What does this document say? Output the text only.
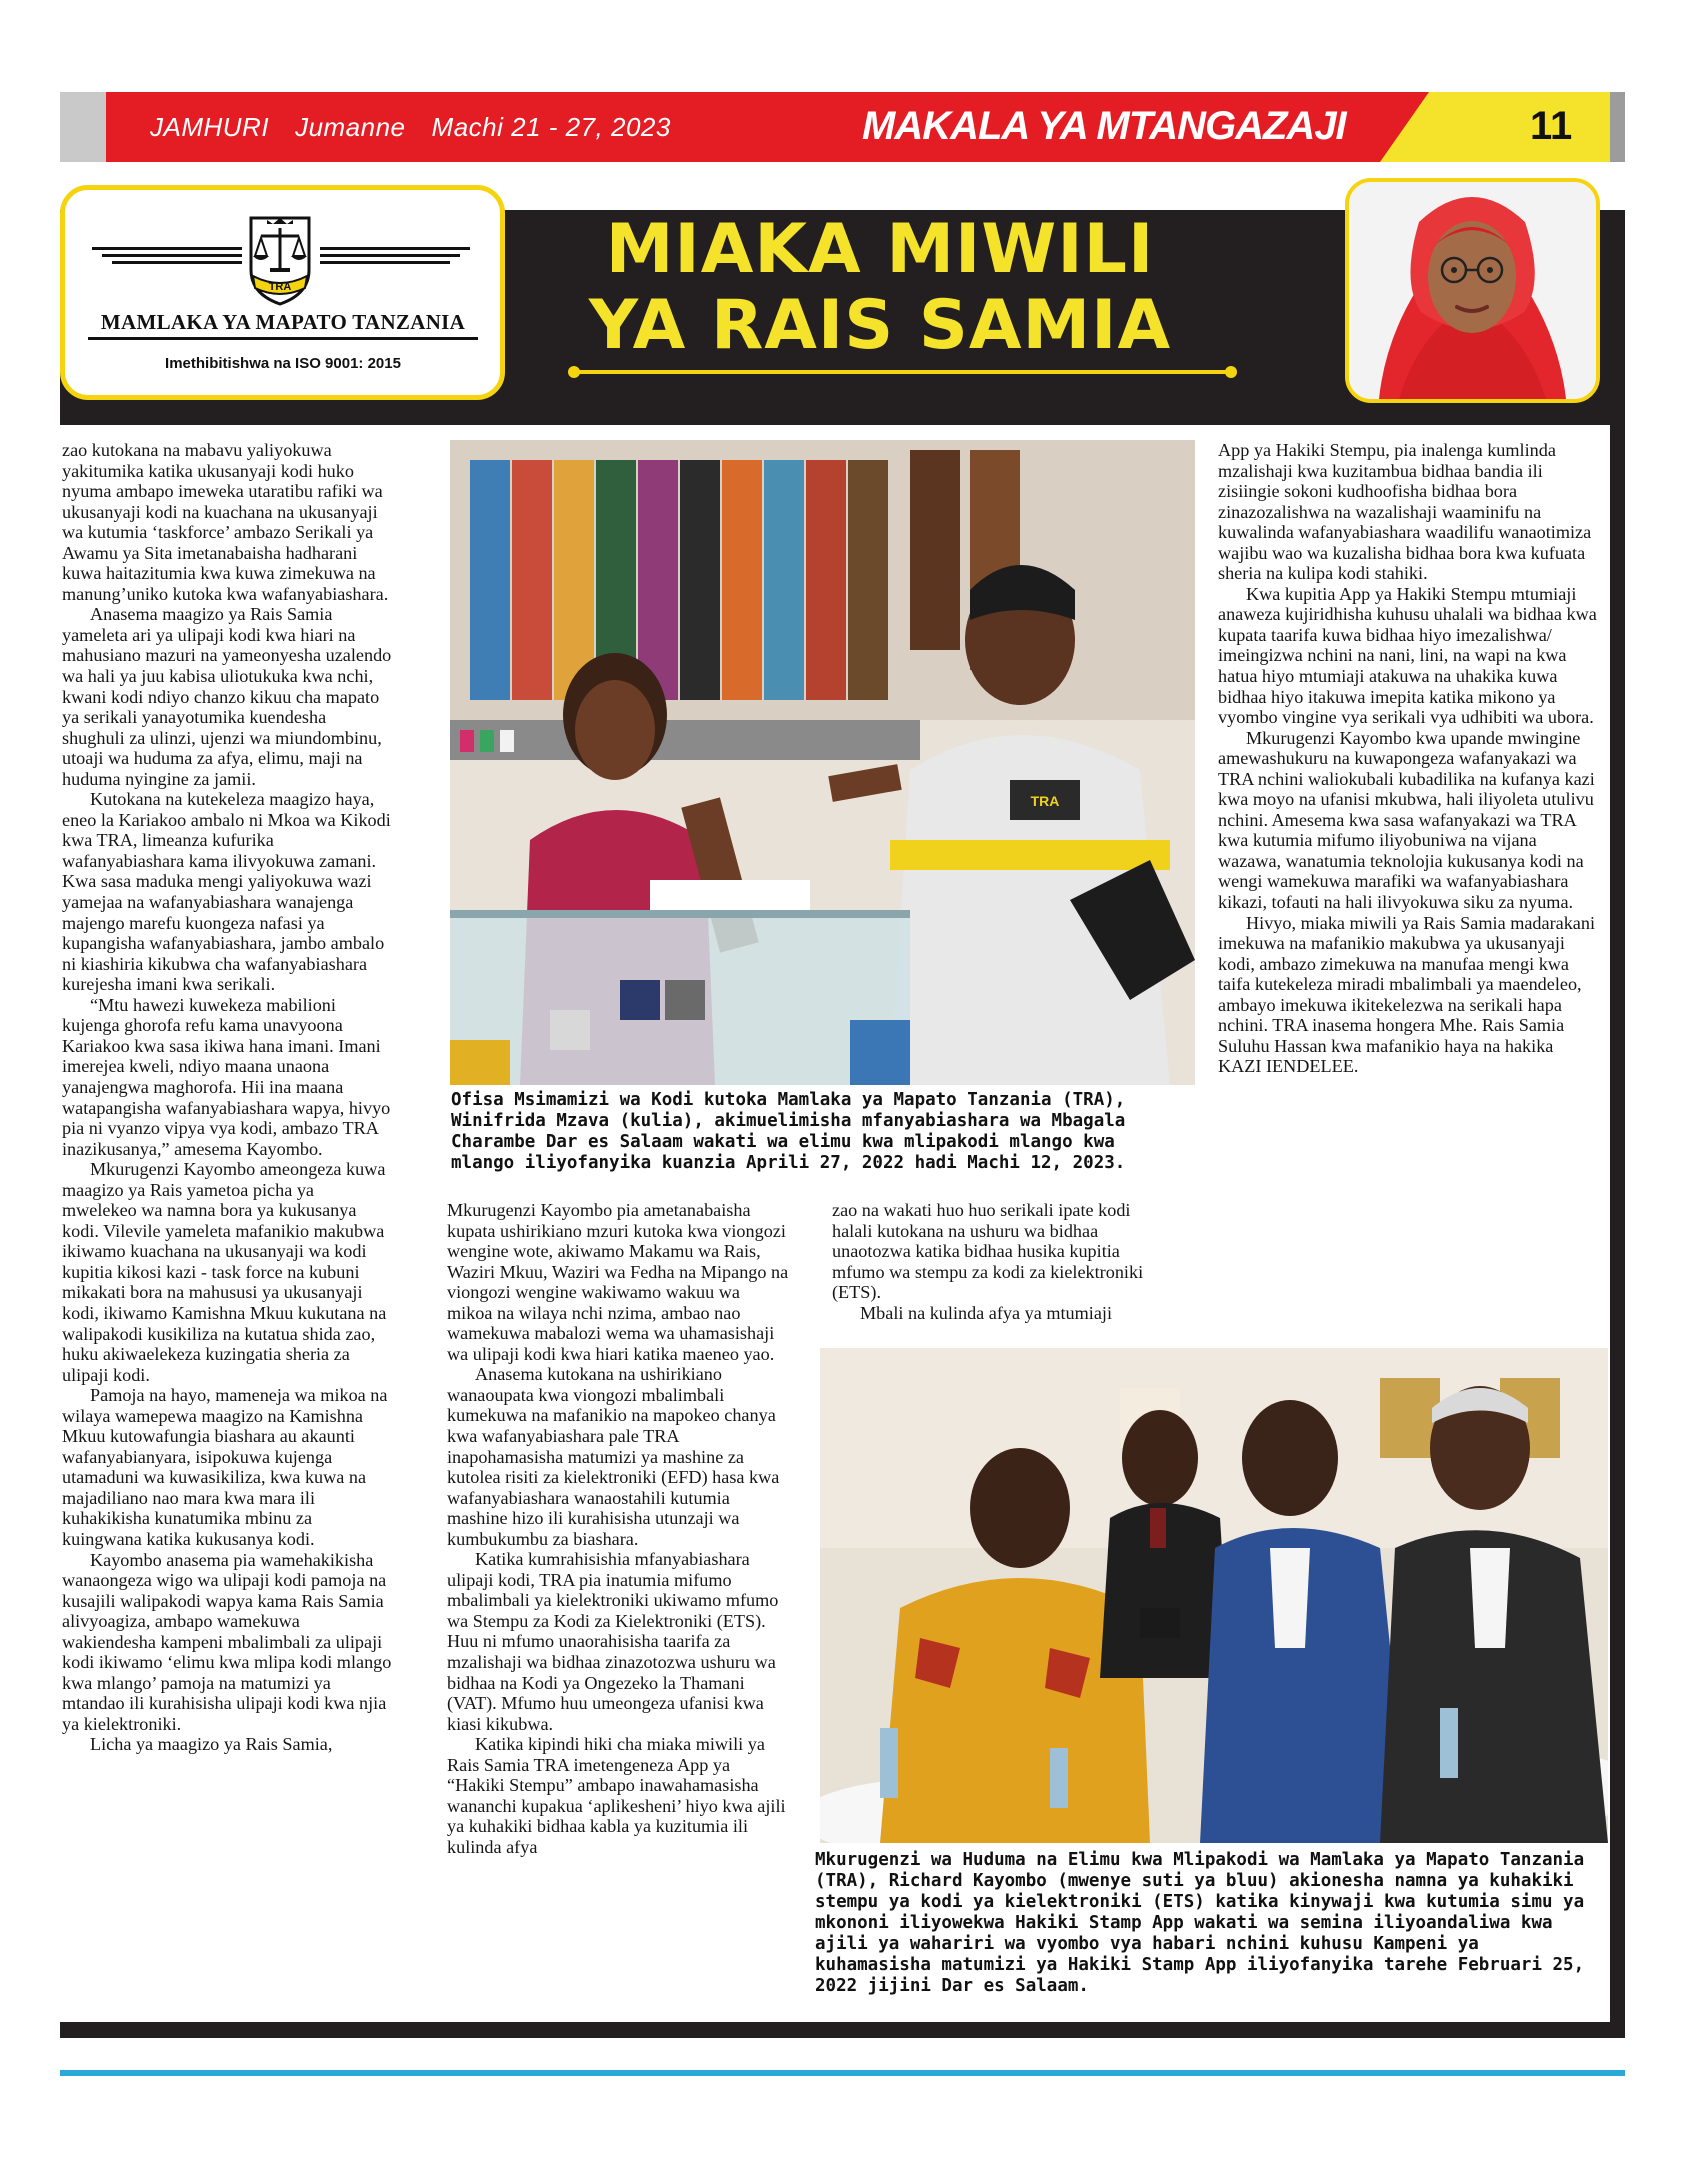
JAMHURI Jumanne Machi 21 - 27, 2023	MAKALA YA MTANGAZAJI	11
TRA
MAMLAKA YA MAPATO TANZANIA
Imethibitishwa na ISO 9001: 2015
MIAKA MIWILI
YA RAIS SAMIA
TRA
Ofisa Msimamizi wa Kodi kutoka Mamlaka ya Mapato Tanzania (TRA), Winifrida Mzava (kulia), akimuelimisha mfanyabiashara wa Mbagala Charambe Dar es Salaam wakati wa elimu kwa mlipakodi mlango kwa mlango iliyofanyika kuanzia Aprili 27, 2022 hadi Machi 12, 2023.
Mkurugenzi wa Huduma na Elimu kwa Mlipakodi wa Mamlaka ya Mapato Tanzania (TRA), Richard Kayombo (mwenye suti ya bluu) akionesha namna ya kuhakiki stempu ya kodi ya kielektroniki (ETS) katika kinywaji kwa kutumia simu ya mkononi iliyowekwa Hakiki Stamp App wakati wa semina iliyoandaliwa kwa ajili ya wahariri wa vyombo vya habari nchini kuhusu Kampeni ya kuhamasisha matumizi ya Hakiki Stamp App iliyofanyika tarehe Februari 25, 2022 jijini Dar es Salaam.

zao kutokana na mabavu yaliyokuwa yakitumika katika ukusanyaji kodi huko nyuma ambapo imeweka utaratibu rafiki wa ukusanyaji kodi na kuachana na ukusanyaji wa kutumia ‘taskforce’ ambazo Serikali ya Awamu ya Sita imetanabaisha hadharani kuwa haitazitumia kwa kuwa zimekuwa na manung’uniko kutoka kwa wafanyabiashara.

Anasema maagizo ya Rais Samia yameleta ari ya ulipaji kodi kwa hiari na mahusiano mazuri na yameonyesha uzalendo wa hali ya juu kabisa uliotukuka kwa nchi, kwani kodi ndiyo chanzo kikuu cha mapato ya serikali yanayotumika kuendesha shughuli za ulinzi, ujenzi wa miundombinu, utoaji wa huduma za afya, elimu, maji na huduma nyingine za jamii.

Kutokana na kutekeleza maagizo haya, eneo la Kariakoo ambalo ni Mkoa wa Kikodi kwa TRA, limeanza kufurika wafanyabiashara kama ilivyokuwa zamani. Kwa sasa maduka mengi yaliyokuwa wazi yamejaa na wafanyabiashara wanajenga majengo marefu kuongeza nafasi ya kupangisha wafanyabiashara, jambo ambalo ni kiashiria kikubwa cha wafanyabiashara kurejesha imani kwa serikali.

“Mtu hawezi kuwekeza mabilioni kujenga ghorofa refu kama unavyoona Kariakoo kwa sasa ikiwa hana imani. Imani imerejea kweli, ndiyo maana unaona yanajengwa maghorofa. Hii ina maana watapangisha wafanyabiashara wapya, hivyo pia ni vyanzo vipya vya kodi, ambazo TRA inazikusanya,” amesema Kayombo.

Mkurugenzi Kayombo ameongeza kuwa maagizo ya Rais yametoa picha ya mwelekeo wa namna bora ya kukusanya kodi. Vilevile yameleta mafanikio makubwa ikiwamo kuachana na ukusanyaji wa kodi kupitia kikosi kazi - task force na kubuni mikakati bora na mahususi ya ukusanyaji kodi, ikiwamo Kamishna Mkuu kukutana na walipakodi kusikiliza na kutatua shida zao, huku akiwaelekeza kuzingatia sheria za ulipaji kodi.

Pamoja na hayo, mameneja wa mikoa na wilaya wamepewa maagizo na Kamishna Mkuu kutowafungia biashara au akaunti wafanyabianyara, isipokuwa kujenga utamaduni wa kuwasikiliza, kwa kuwa na majadiliano nao mara kwa mara ili kuhakikisha kunatumika mbinu za kuingwana katika kukusanya kodi.

Kayombo anasema pia wamehakikisha wanaongeza wigo wa ulipaji kodi pamoja na kusajili walipakodi wapya kama Rais Samia alivyoagiza, ambapo wamekuwa wakiendesha kampeni mbalimbali za ulipaji kodi ikiwamo ‘elimu kwa mlipa kodi mlango kwa mlango’ pamoja na matumizi ya mtandao ili kurahisisha ulipaji kodi kwa njia ya kielektroniki.

Licha ya maagizo ya Rais Samia,

Mkurugenzi Kayombo pia ametanabaisha kupata ushirikiano mzuri kutoka kwa viongozi wengine wote, akiwamo Makamu wa Rais, Waziri Mkuu, Waziri wa Fedha na Mipango na viongozi wengine wakiwamo wakuu wa mikoa na wilaya nchi nzima, ambao nao wamekuwa mabalozi wema wa uhamasishaji wa ulipaji kodi kwa hiari katika maeneo yao.

Anasema kutokana na ushirikiano wanaoupata kwa viongozi mbalimbali kumekuwa na mafanikio na mapokeo chanya kwa wafanyabiashara pale TRA inapohamasisha matumizi ya mashine za kutolea risiti za kielektroniki (EFD) hasa kwa wafanyabiashara wanaostahili kutumia mashine hizo ili kurahisisha utunzaji wa kumbukumbu za biashara.

Katika kumrahisishia mfanyabiashara ulipaji kodi, TRA pia inatumia mifumo mbalimbali ya kielektroniki ukiwamo mfumo wa Stempu za Kodi za Kielektroniki (ETS). Huu ni mfumo unaorahisisha taarifa za mzalishaji wa bidhaa zinazotozwa ushuru wa bidhaa na Kodi ya Ongezeko la Thamani (VAT). Mfumo huu umeongeza ufanisi kwa kiasi kikubwa.

Katika kipindi hiki cha miaka miwili ya Rais Samia TRA imetengeneza App ya “Hakiki Stempu” ambapo inawahamasisha wananchi kupakua ‘aplikesheni’ hiyo kwa ajili ya kuhakiki bidhaa kabla ya kuzitumia ili kulinda afya

zao na wakati huo huo serikali ipate kodi halali kutokana na ushuru wa bidhaa unaotozwa katika bidhaa husika kupitia mfumo wa stempu za kodi za kielektroniki (ETS).

Mbali na kulinda afya ya mtumiaji

App ya Hakiki Stempu, pia inalenga kumlinda mzalishaji kwa kuzitambua bidhaa bandia ili zisiingie sokoni kudhoofisha bidhaa bora zinazozalishwa na wazalishaji waaminifu na kuwalinda wafanyabiashara waadilifu wanaotimiza wajibu wao wa kuzalisha bidhaa bora kwa kufuata sheria na kulipa kodi stahiki.

Kwa kupitia App ya Hakiki Stempu mtumiaji anaweza kujiridhisha kuhusu uhalali wa bidhaa kwa kupata taarifa kuwa bidhaa hiyo imezalishwa/ imeingizwa nchini na nani, lini, na wapi na kwa hatua hiyo mtumiaji atakuwa na uhakika kuwa bidhaa hiyo itakuwa imepita katika mikono ya vyombo vingine vya serikali vya udhibiti wa ubora.

Mkurugenzi Kayombo kwa upande mwingine amewashukuru na kuwapongeza wafanyakazi wa TRA nchini waliokubali kubadilika na kufanya kazi kwa moyo na ufanisi mkubwa, hali iliyoleta utulivu nchini. Amesema kwa sasa wafanyakazi wa TRA kwa kutumia mifumo iliyobuniwa na vijana wazawa, wanatumia teknolojia kukusanya kodi na wengi wamekuwa marafiki wa wafanyabiashara kikazi, tofauti na hali ilivyokuwa siku za nyuma.

Hivyo, miaka miwili ya Rais Samia madarakani imekuwa na mafanikio makubwa ya ukusanyaji kodi, ambazo zimekuwa na manufaa mengi kwa taifa kutekeleza miradi mbalimbali ya maendeleo, ambayo imekuwa ikitekelezwa na serikali hapa nchini. TRA inasema hongera Mhe. Rais Samia Suluhu Hassan kwa mafanikio haya na hakika KAZI IENDELEE.
